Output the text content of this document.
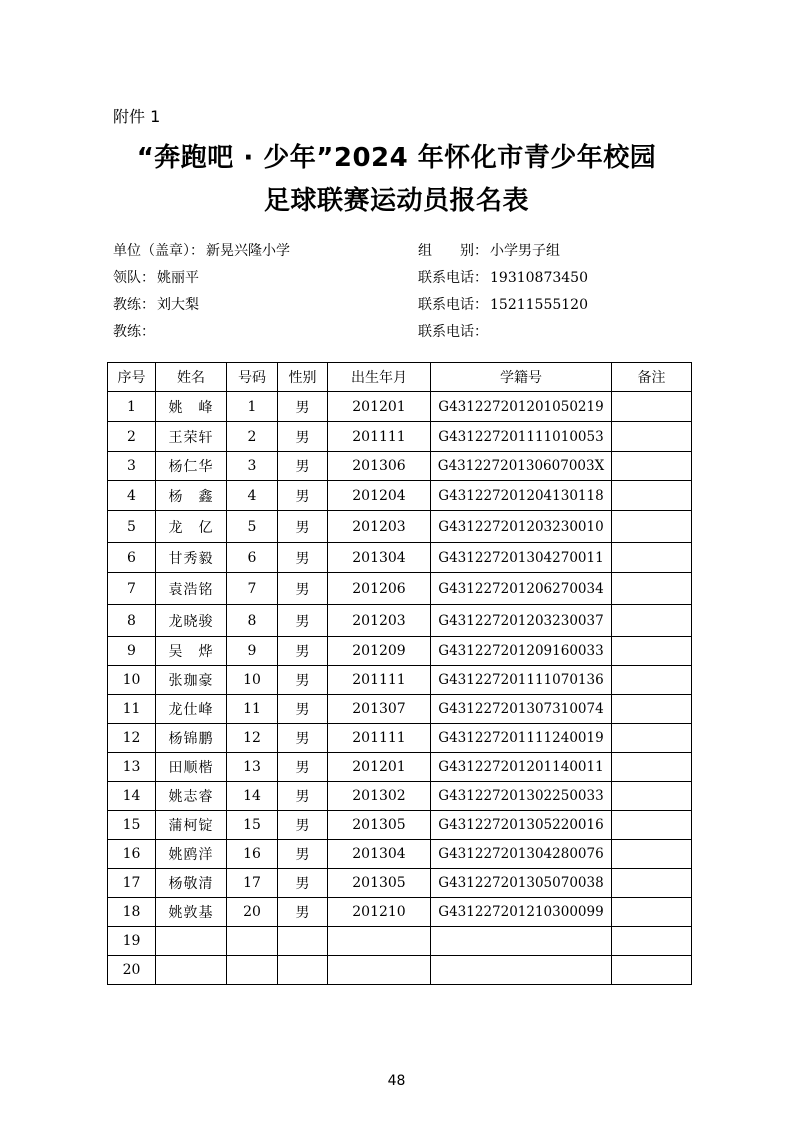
附件 1
“奔跑吧 · 少年”2024 年怀化市青少年校园
足球联赛运动员报名表
单位（盖章）： 新晃兴隆小学	组　　别： 小学男子组
领队： 姚丽平	联系电话： 19310873450
教练： 刘大梨	联系电话： 15211555120
教练：	联系电话：
序号	姓名	号码	性别	出生年月	学籍号	备注
1	姚　峰	1	男	201201	G431227201201050219	
2	王荣轩	2	男	201111	G431227201111010053	
3	杨仁华	3	男	201306	G43122720130607003X	
4	杨　鑫	4	男	201204	G431227201204130118	
5	龙　亿	5	男	201203	G431227201203230010	
6	甘秀毅	6	男	201304	G431227201304270011	
7	袁浩铭	7	男	201206	G431227201206270034	
8	龙晓骏	8	男	201203	G431227201203230037	
9	吴　烨	9	男	201209	G431227201209160033	
10	张珈豪	10	男	201111	G431227201111070136	
11	龙仕峰	11	男	201307	G431227201307310074	
12	杨锦鹏	12	男	201111	G431227201111240019	
13	田顺楷	13	男	201201	G431227201201140011	
14	姚志睿	14	男	201302	G431227201302250033	
15	蒲柯锭	15	男	201305	G431227201305220016	
16	姚鸥洋	16	男	201304	G431227201304280076	
17	杨敬清	17	男	201305	G431227201305070038	
18	姚敦基	20	男	201210	G431227201210300099	
19						
20						
48
